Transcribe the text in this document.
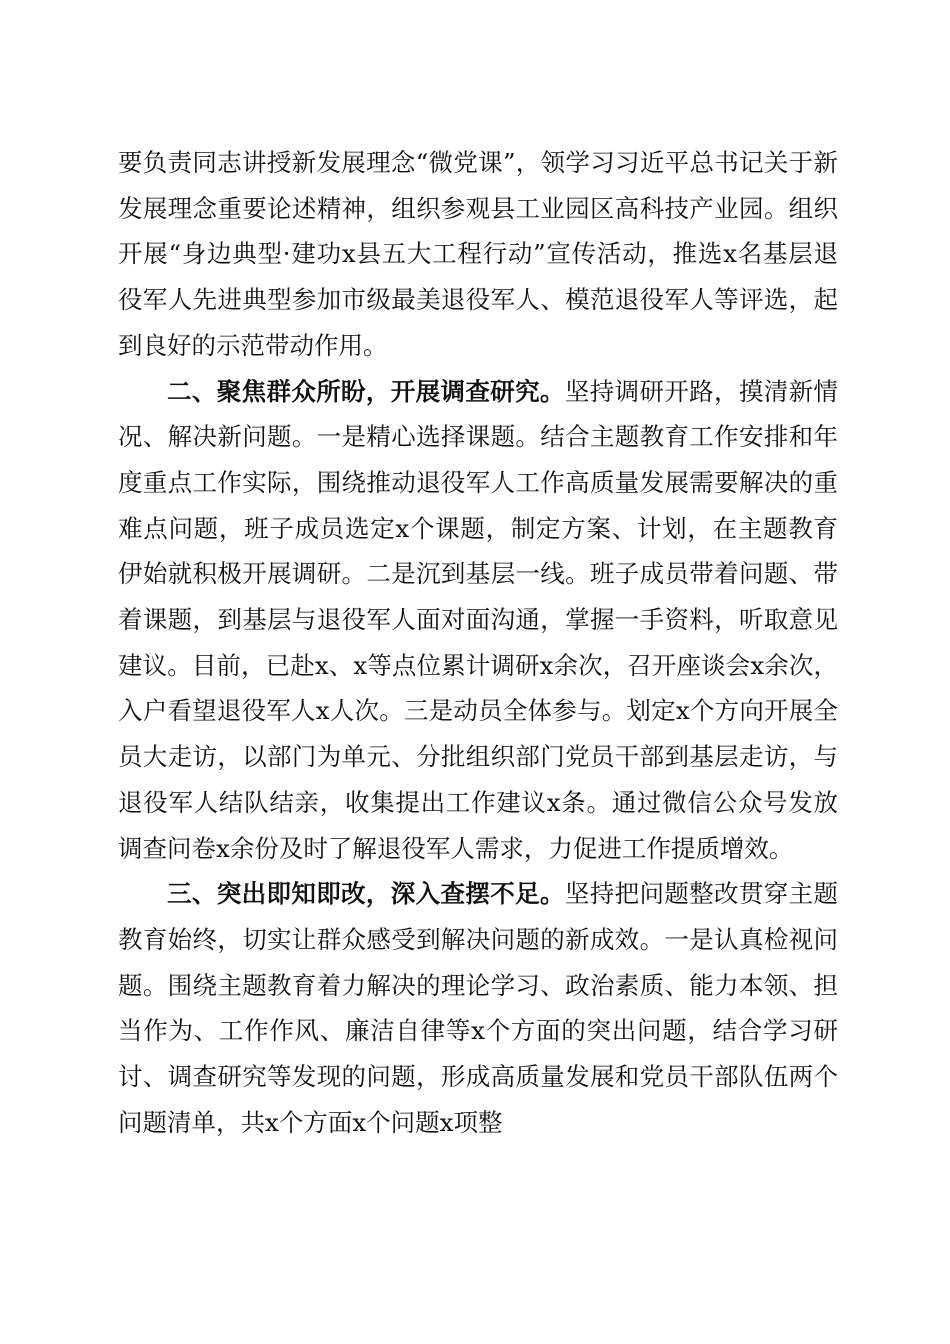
要负责同志讲授新发展理念“微党课”，领学习习近平总书记关于新发展理念重要论述精神，组织参观县工业园区高科技产业园。组织开展“身边典型·建功x县五大工程行动”宣传活动，推选x名基层退役军人先进典型参加市级最美退役军人、模范退役军人等评选，起到良好的示范带动作用。

二、聚焦群众所盼，开展调查研究。坚持调研开路，摸清新情况、解决新问题。一是精心选择课题。结合主题教育工作安排和年度重点工作实际，围绕推动退役军人工作高质量发展需要解决的重难点问题，班子成员选定x个课题，制定方案、计划，在主题教育伊始就积极开展调研。二是沉到基层一线。班子成员带着问题、带着课题，到基层与退役军人面对面沟通，掌握一手资料，听取意见建议。目前，已赴x、x等点位累计调研x余次，召开座谈会x余次，入户看望退役军人x人次。三是动员全体参与。划定x个方向开展全员大走访，以部门为单元、分批组织部门党员干部到基层走访，与退役军人结队结亲，收集提出工作建议x条。通过微信公众号发放调查问卷x余份及时了解退役军人需求，力促进工作提质增效。

三、突出即知即改，深入查摆不足。坚持把问题整改贯穿主题教育始终，切实让群众感受到解决问题的新成效。一是认真检视问题。围绕主题教育着力解决的理论学习、政治素质、能力本领、担当作为、工作作风、廉洁自律等x个方面的突出问题，结合学习研讨、调查研究等发现的问题，形成高质量发展和党员干部队伍两个问题清单，共x个方面x个问题x项整
